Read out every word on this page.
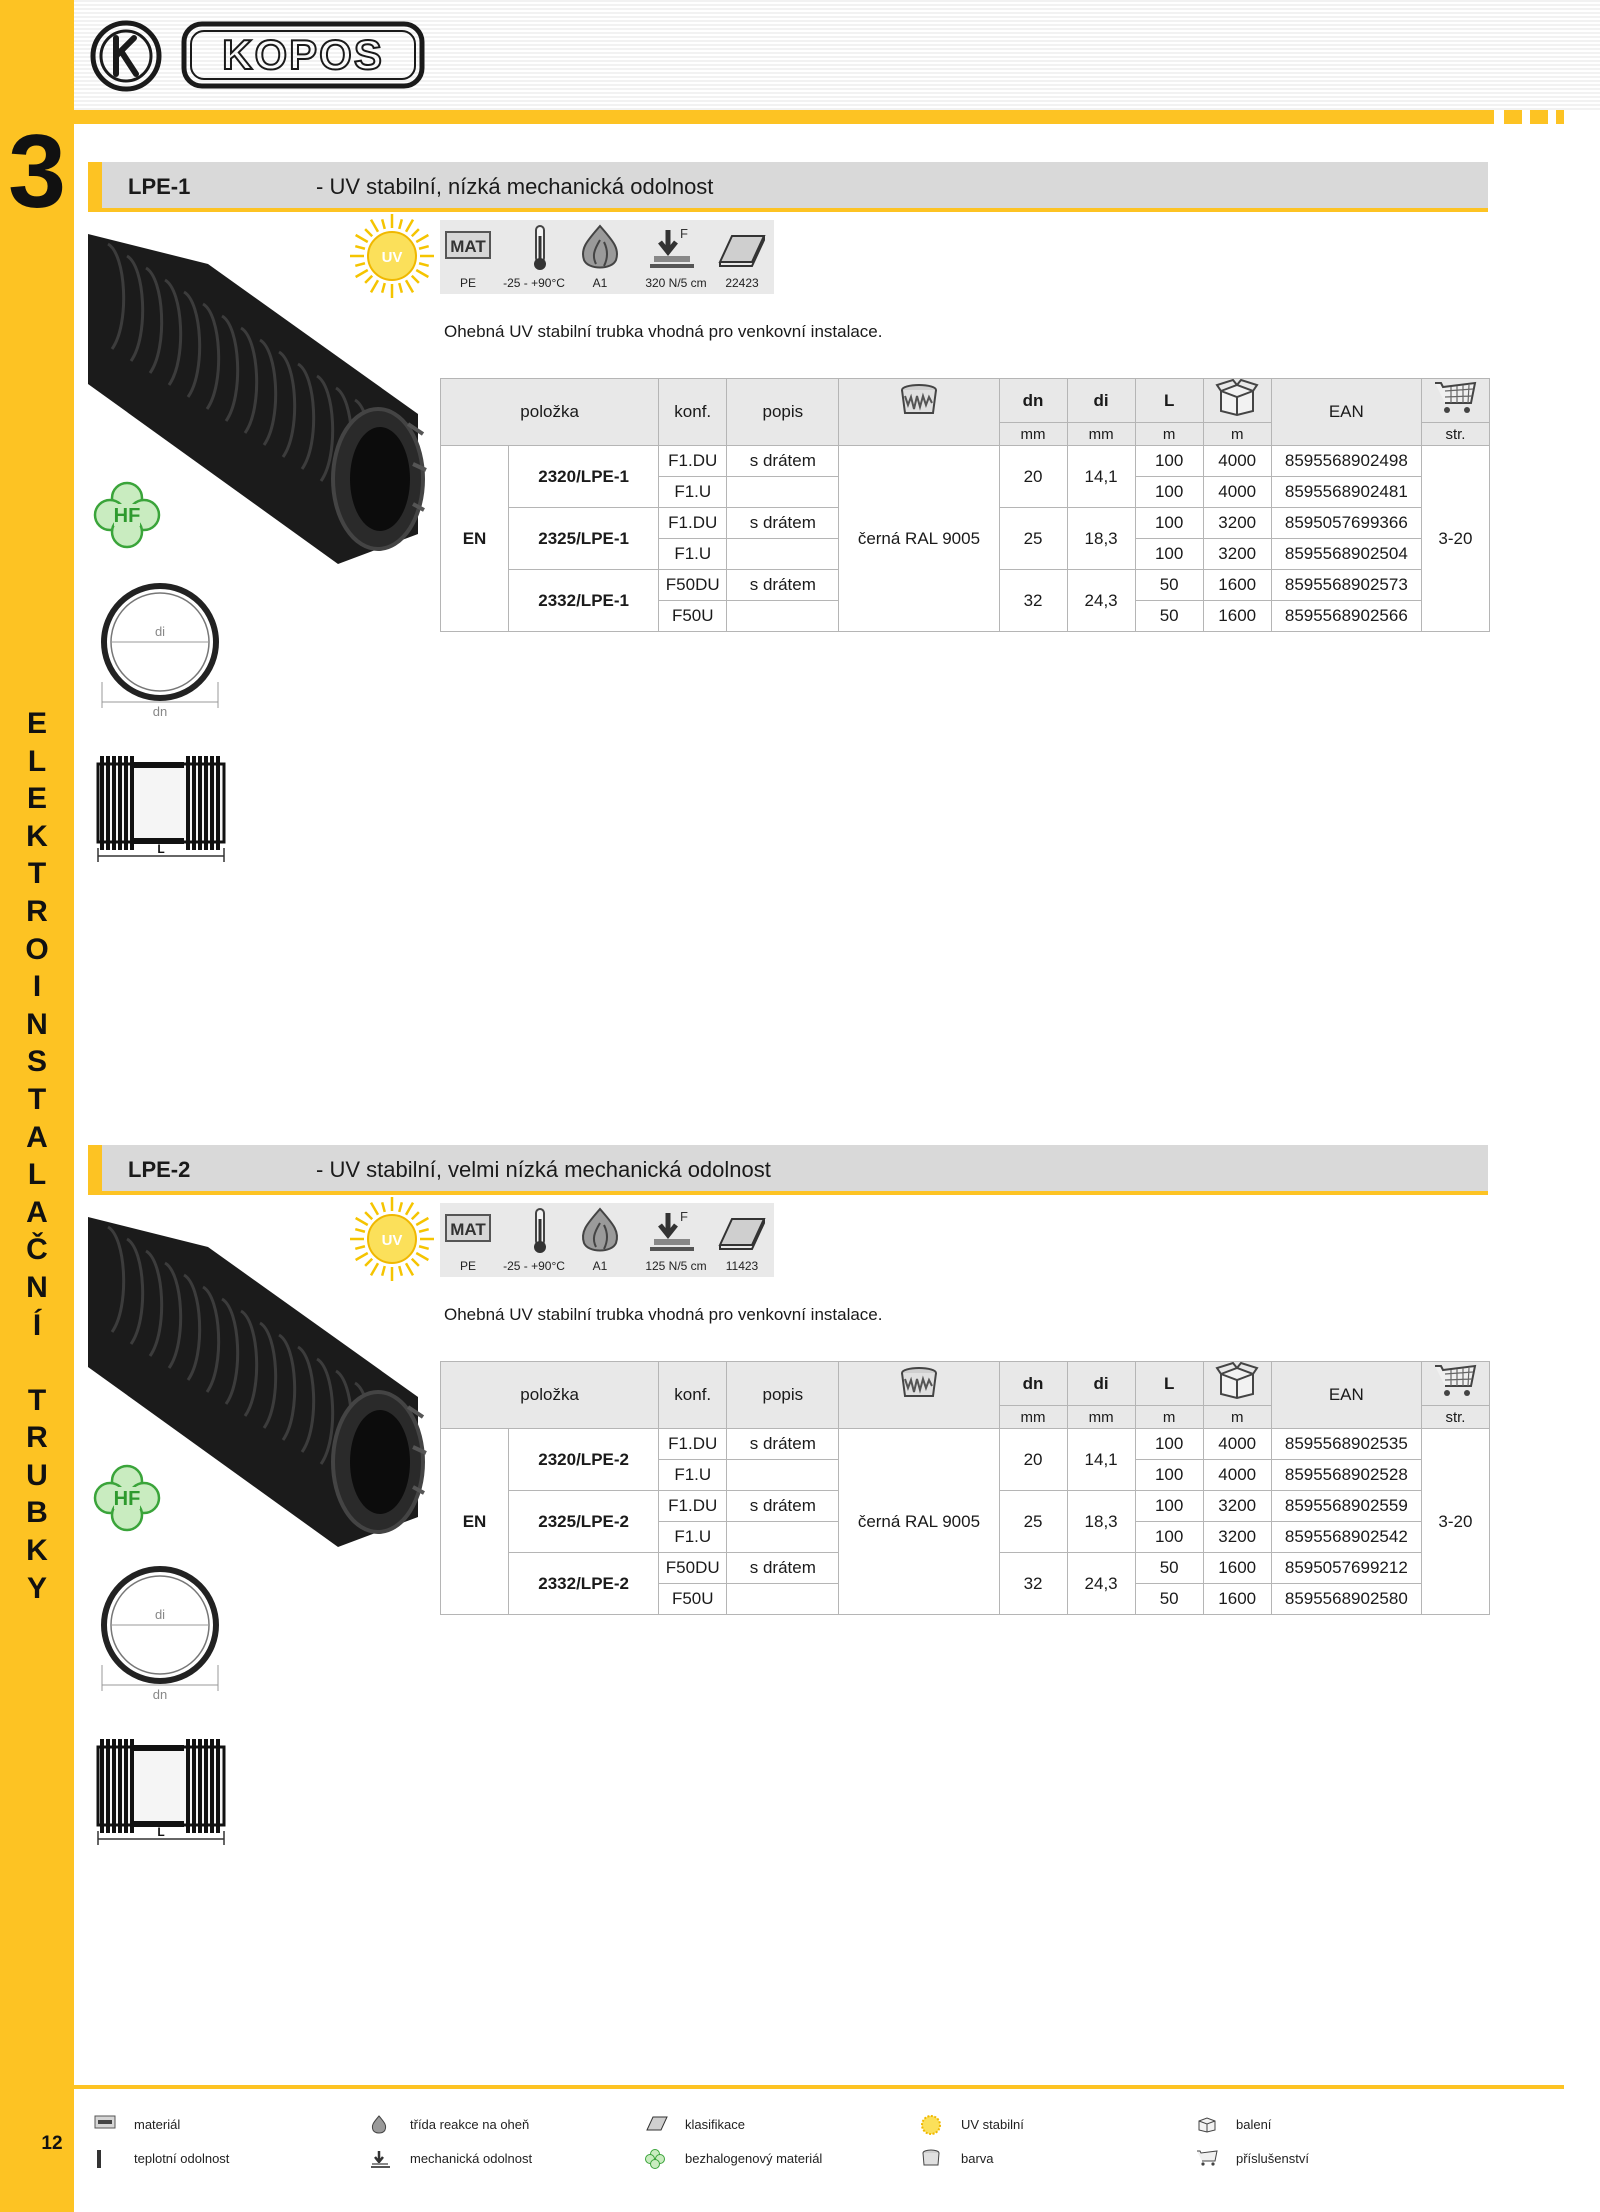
3
E
L
E
K
T
R
O
I
N
S
T
A
L
A
Č
N
Í

T
R
U
B
K
Y
12
KOPOS
LPE-1	- UV stabilní, nízká mechanická odolnost
UV
HF
di
dn
L
MAT
F
PE	-25 - +90°C	A1	320 N/5 cm	22423
Ohebná UV stabilní trubka vhodná pro venkovní instalace.
položka		konf.	popis		dn	di	L		EAN	
					mm	mm	m	m		str.
EN	2320/LPE-1	F1.DU	s drátem	černá RAL 9005	20	14,1	100	4000	8595568902498	3-20
		F1.U					100	4000	8595568902481	
	2325/LPE-1	F1.DU	s drátem		25	18,3	100	3200	8595057699366	
		F1.U					100	3200	8595568902504	
	2332/LPE-1	F50DU	s drátem		32	24,3	50	1600	8595568902573	
		F50U					50	1600	8595568902566	
LPE-2	- UV stabilní, velmi nízká mechanická odolnost
UV
HF
di
dn
L
MAT
F
PE	-25 - +90°C	A1	125 N/5 cm	11423
Ohebná UV stabilní trubka vhodná pro venkovní instalace.
položka		konf.	popis		dn	di	L		EAN	
					mm	mm	m	m		str.
EN	2320/LPE-2	F1.DU	s drátem	černá RAL 9005	20	14,1	100	4000	8595568902535	3-20
		F1.U					100	4000	8595568902528	
	2325/LPE-2	F1.DU	s drátem		25	18,3	100	3200	8595568902559	
		F1.U					100	3200	8595568902542	
	2332/LPE-2	F50DU	s drátem		32	24,3	50	1600	8595057699212	
		F50U					50	1600	8595568902580	
materiál
teplotní odolnost
třída reakce na oheň
mechanická odolnost
klasifikace
bezhalogenový materiál
UV stabilní
barva
balení
příslušenství
